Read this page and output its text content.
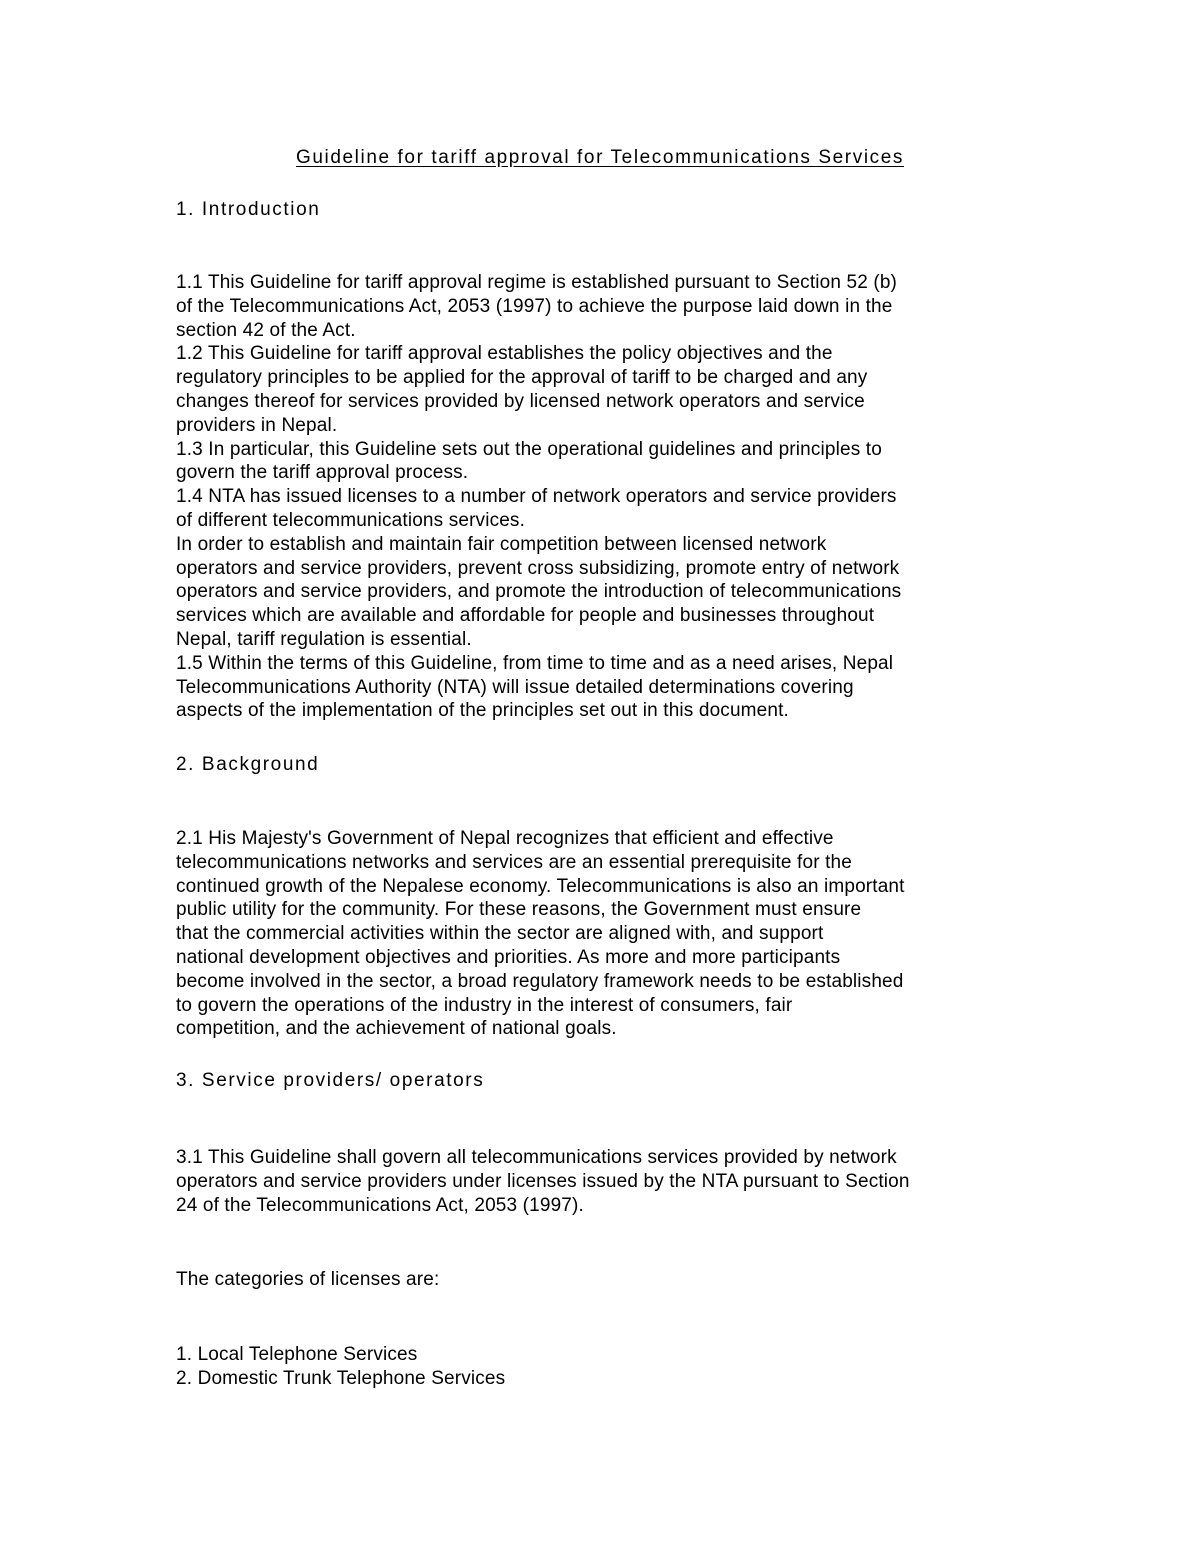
Guideline for tariff approval for Telecommunications Services
1. Introduction
1.1 This Guideline for tariff approval regime is established pursuant to Section 52 (b)
of the Telecommunications Act, 2053 (1997) to achieve the purpose laid down in the
section 42 of the Act.
1.2 This Guideline for tariff approval establishes the policy objectives and the
regulatory principles to be applied for the approval of tariff to be charged and any
changes thereof for services provided by licensed network operators and service
providers in Nepal.
1.3 In particular, this Guideline sets out the operational guidelines and principles to
govern the tariff approval process.
1.4 NTA has issued licenses to a number of network operators and service providers
of different telecommunications services.
In order to establish and maintain fair competition between licensed network
operators and service providers, prevent cross subsidizing, promote entry of network
operators and service providers, and promote the introduction of telecommunications
services which are available and affordable for people and businesses throughout
Nepal, tariff regulation is essential.
1.5 Within the terms of this Guideline, from time to time and as a need arises, Nepal
Telecommunications Authority (NTA) will issue detailed determinations covering
aspects of the implementation of the principles set out in this document.
2. Background
2.1 His Majesty's Government of Nepal recognizes that efficient and effective
telecommunications networks and services are an essential prerequisite for the
continued growth of the Nepalese economy. Telecommunications is also an important
public utility for the community. For these reasons, the Government must ensure
that the commercial activities within the sector are aligned with, and support
national development objectives and priorities. As more and more participants
become involved in the sector, a broad regulatory framework needs to be established
to govern the operations of the industry in the interest of consumers, fair
competition, and the achievement of national goals.
3. Service providers/ operators
3.1 This Guideline shall govern all telecommunications services provided by network
operators and service providers under licenses issued by the NTA pursuant to Section
24 of the Telecommunications Act, 2053 (1997).
The categories of licenses are:
1. Local Telephone Services
2. Domestic Trunk Telephone Services
